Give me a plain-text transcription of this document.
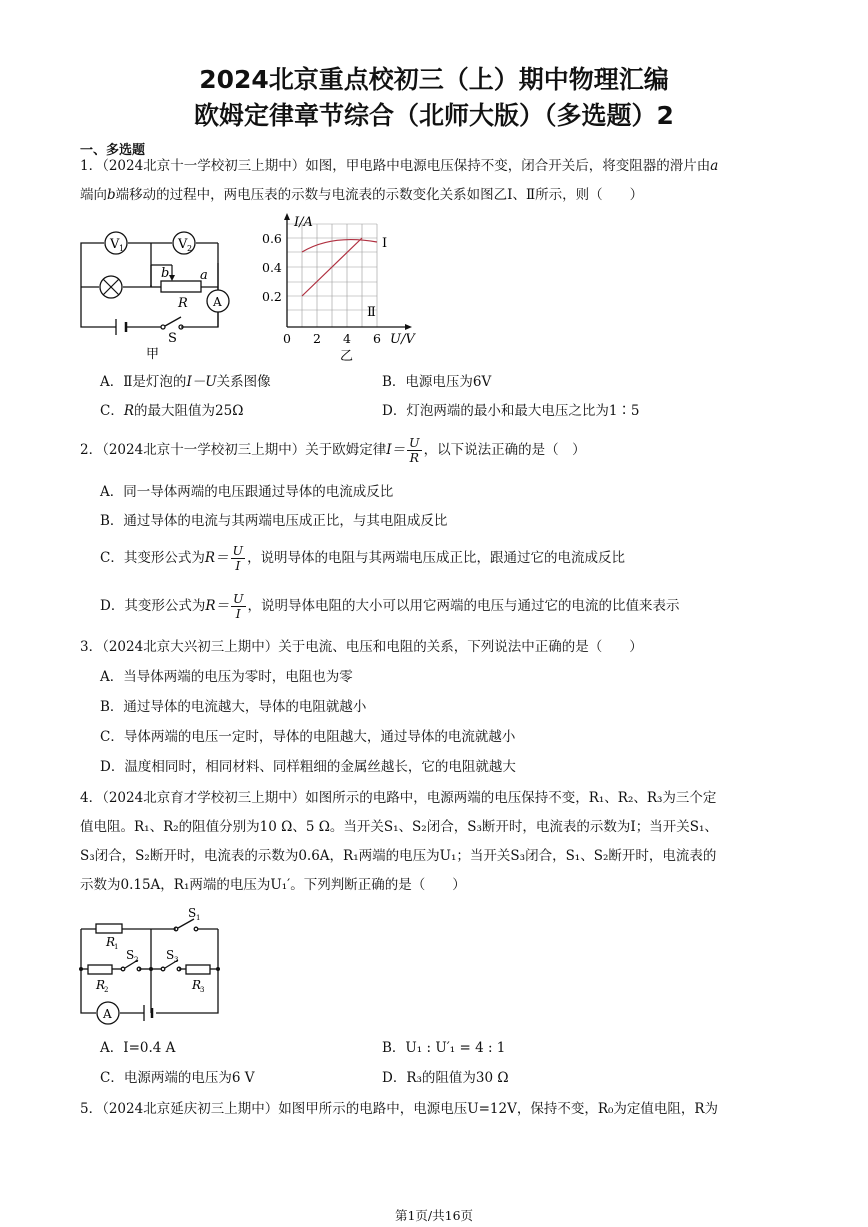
2024北京重点校初三（上）期中物理汇编
欧姆定律章节综合（北师大版）（多选题）2
一、多选题
1．（2024北京十一学校初三上期中）如图，甲电路中电源电压保持不变，闭合开关后，将变阻器的滑片由a
端向b端移动的过程中，两电压表的示数与电流表的示数变化关系如图乙Ⅰ、Ⅱ所示，则（　　）
V 1	V 2
b a
R A
S
甲
Ⅰ
Ⅱ
I/A
0.6
0.4
0.2
0 2 4 6 U/V
乙
A．Ⅱ是灯泡的I－U关系图像	B．电源电压为6V
C．R的最大阻值为25Ω	D．灯泡两端的最小和最大电压之比为1∶5
2．（2024北京十一学校初三上期中）关于欧姆定律$I= \frac{U}{R}$ ，以下说法正确的是（　）
A．同一导体两端的电压跟通过导体的电流成反比
B．通过导体的电流与其两端电压成正比，与其电阻成反比
C．其变形公式为$R= \frac{U}{I}$ ，说明导体的电阻与其两端电压成正比，跟通过它的电流成反比
D．其变形公式为$R= \frac{U}{I}$ ，说明导体电阻的大小可以用它两端的电压与通过它的电流的比值来表示
3．（2024北京大兴初三上期中）关于电流、电压和电阻的关系，下列说法中正确的是（　　）
A．当导体两端的电压为零时，电阻也为零
B．通过导体的电流越大，导体的电阻就越小
C．导体两端的电压一定时，导体的电阻越大，通过导体的电流就越小
D．温度相同时，相同材料、同样粗细的金属丝越长，它的电阻就越大
4．（2024北京育才学校初三上期中）如图所示的电路中，电源两端的电压保持不变，R₁、R₂、R₃为三个定
值电阻。R₁、R₂的阻值分别为10 Ω、5 Ω。当开关S₁、S₂闭合，S₃断开时，电流表的示数为I；当开关S₁、
S₃闭合，S₂断开时，电流表的示数为0.6A，R₁两端的电压为U₁；当开关S₃闭合，S₁、S₂断开时，电流表的
示数为0.15A，R₁两端的电压为U₁′。下列判断正确的是（　　）
A
S 1
R
1
S 2 S 3
R
2	R
3
A．I=0.4 A	B．U₁ : U′₁ = 4 : 1
C．电源两端的电压为6 V	D．R₃的阻值为30 Ω
5．（2024北京延庆初三上期中）如图甲所示的电路中，电源电压U=12V，保持不变，R₀为定值电阻，R为
第1页/共16页
